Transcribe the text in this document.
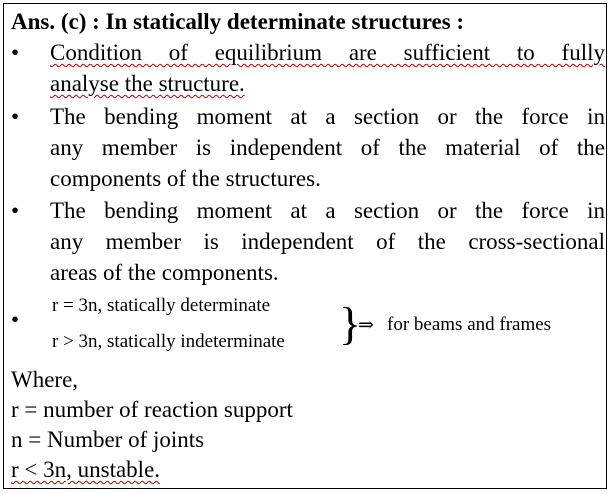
Ans. (c) : In statically determinate structures :
•	Condition of equilibrium are sufficient to fully
analyse the structure.
•	The bending moment at a section or the force in
any member is independent of the material of the
components of the structures.
•	The bending moment at a section or the force in
any member is independent of the cross-sectional
areas of the components.
•
r = 3n, statically determinate
r > 3n, statically indeterminate }
⇒ for beams and frames
Where,
r = number of reaction support
n = Number of joints
r < 3n, unstable.
